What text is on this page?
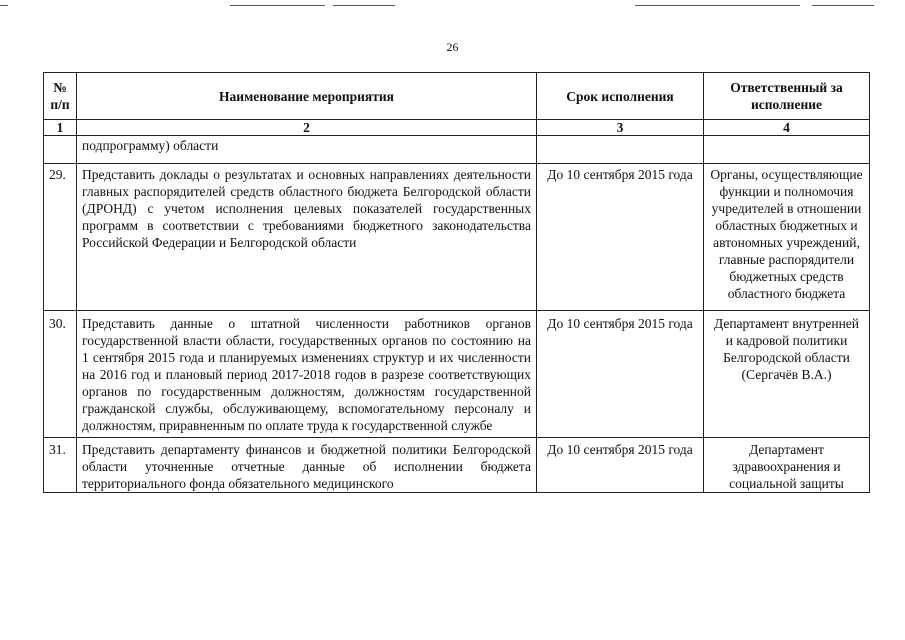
26
№ п/п	Наименование мероприятия	Срок исполнения	Ответственный за исполнение
1	2	3	4
	подпрограмму) области		
29.	Представить доклады о результатах и основных направлениях деятельности главных распорядителей средств областного бюджета Белгородской области (ДРОНД) с учетом исполнения целевых показателей государственных программ в соответствии с требованиями бюджетного законодательства Российской Федерации и Белгородской области	До 10 сентября 2015 года	Органы, осуществляющие функции и полномочия учредителей в отношении областных бюджетных и автономных учреждений, главные распорядители бюджетных средств областного бюджета
30.	Представить данные о штатной численности работников органов государственной власти области, государственных органов по состоянию на 1 сентября 2015 года и планируемых изменениях структур и их численности на 2016 год и плановый период 2017-2018 годов в разрезе соответствующих органов по государственным должностям, должностям государственной гражданской службы, обслуживающему, вспомогательному персоналу и должностям, приравненным по оплате труда к государственной службе	До 10 сентября 2015 года	Департамент внутренней и кадровой политики Белгородской области (Сергачёв В.А.)
31.	Представить департаменту финансов и бюджетной политики Белгородской области уточненные отчетные данные об исполнении бюджета территориального фонда обязательного медицинского	До 10 сентября 2015 года	Департамент здравоохранения и социальной защиты
